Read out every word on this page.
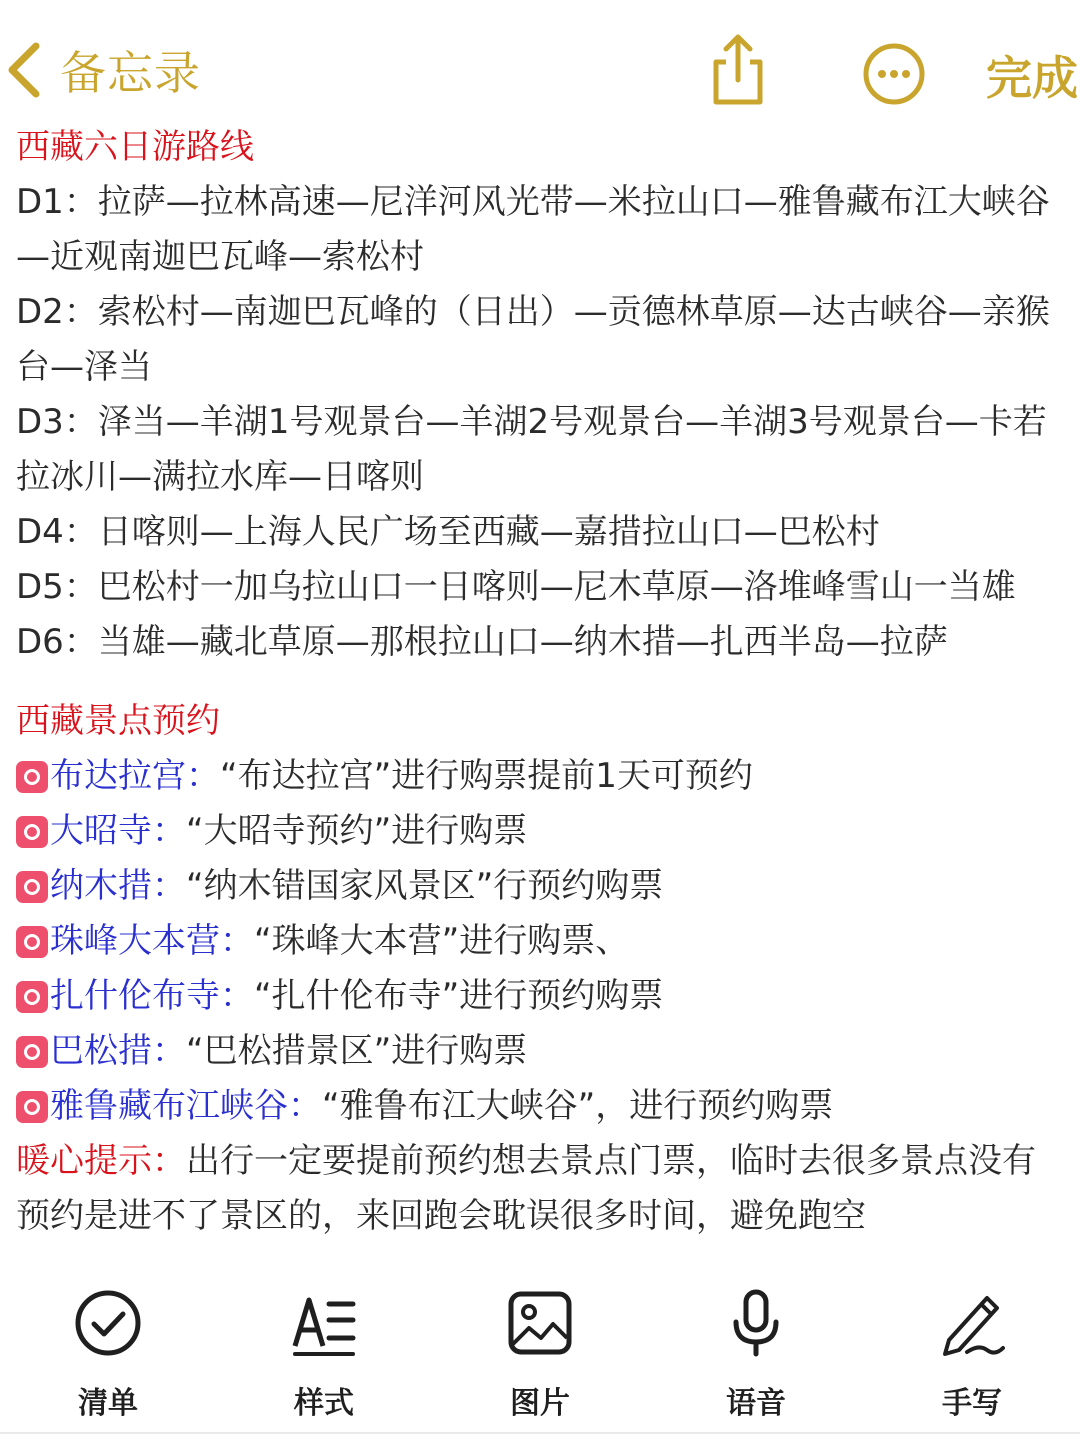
备忘录	完成

西藏六日游路线

D1：拉萨—拉林高速—尼洋河风光带—米拉山口—雅鲁藏布江大峡谷—近观南迦巴瓦峰—索松村

D2：索松村—南迦巴瓦峰的（日出）—贡德林草原—达古峡谷—亲猴台—泽当

D3：泽当—羊湖1号观景台—羊湖2号观景台—羊湖3号观景台—卡若拉冰川—满拉水库—日喀则

D4：日喀则—上海人民广场至西藏—嘉措拉山口—巴松村

D5：巴松村一加乌拉山口一日喀则—尼木草原—洛堆峰雪山一当雄

D6：当雄—藏北草原—那根拉山口—纳木措—扎西半岛—拉萨

西藏景点预约

布达拉宫： “布达拉宫”进行购票提前1天可预约
大昭寺： “大昭寺预约”进行购票
纳木措： “纳木错国家风景区”行预约购票
珠峰大本营： “珠峰大本营”进行购票、
扎什伦布寺： “扎什伦布寺”进行预约购票
巴松措： “巴松措景区”进行购票
雅鲁藏布江峡谷： “雅鲁布江大峡谷”，进行预约购票

暖心提示：出行一定要提前预约想去景点门票，临时去很多景点没有预约是进不了景区的，来回跑会耽误很多时间，避免跑空

清单	样式	图片	语音	手写
